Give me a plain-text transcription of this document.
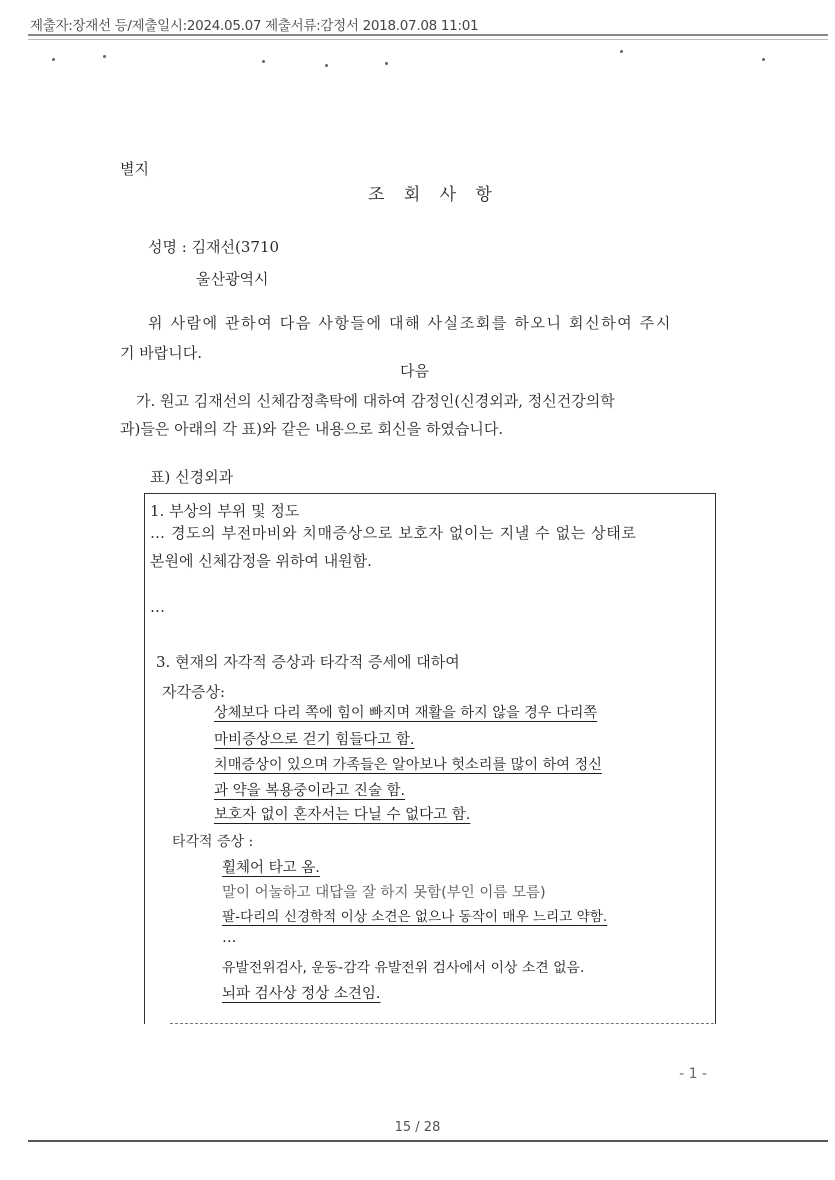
제출자:장재선 등/제출일시:2024.05.07 제출서류:감정서 2018.07.08 11:01
별지
조 회 사 항
성명 : 김재선(3710
울산광역시
위 사람에 관하여 다음 사항들에 대해 사실조회를 하오니 회신하여 주시
기 바랍니다.
다음
가. 원고 김재선의 신체감정촉탁에 대하여 감정인(신경외과, 정신건강의학
과)들은 아래의 각 표)와 같은 내용으로 회신을 하였습니다.
표) 신경외과
1. 부상의 부위 및 정도
… 경도의 부전마비와 치매증상으로 보호자 없이는 지낼 수 없는 상태로
본원에 신체감정을 위하여 내원함.
…
3. 현재의 자각적 증상과 타각적 증세에 대하여
자각증상:
상체보다 다리 쪽에 힘이 빠지며 재활을 하지 않을 경우 다리쪽
마비증상으로 걷기 힘들다고 함.
치매증상이 있으며 가족들은 알아보나 헛소리를 많이 하여 정신
과 약을 복용중이라고 진술 함.
보호자 없이 혼자서는 다닐 수 없다고 함.
타각적 증상 :
휠체어 타고 옴.
말이 어눌하고 대답을 잘 하지 못함(부인 이름 모름)
팔-다리의 신경학적 이상 소견은 없으나 동작이 매우 느리고 약함.
…
유발전위검사, 운동-감각 유발전위 검사에서 이상 소견 없음.
뇌파 검사상 정상 소견임.
- 1 -
15 / 28
